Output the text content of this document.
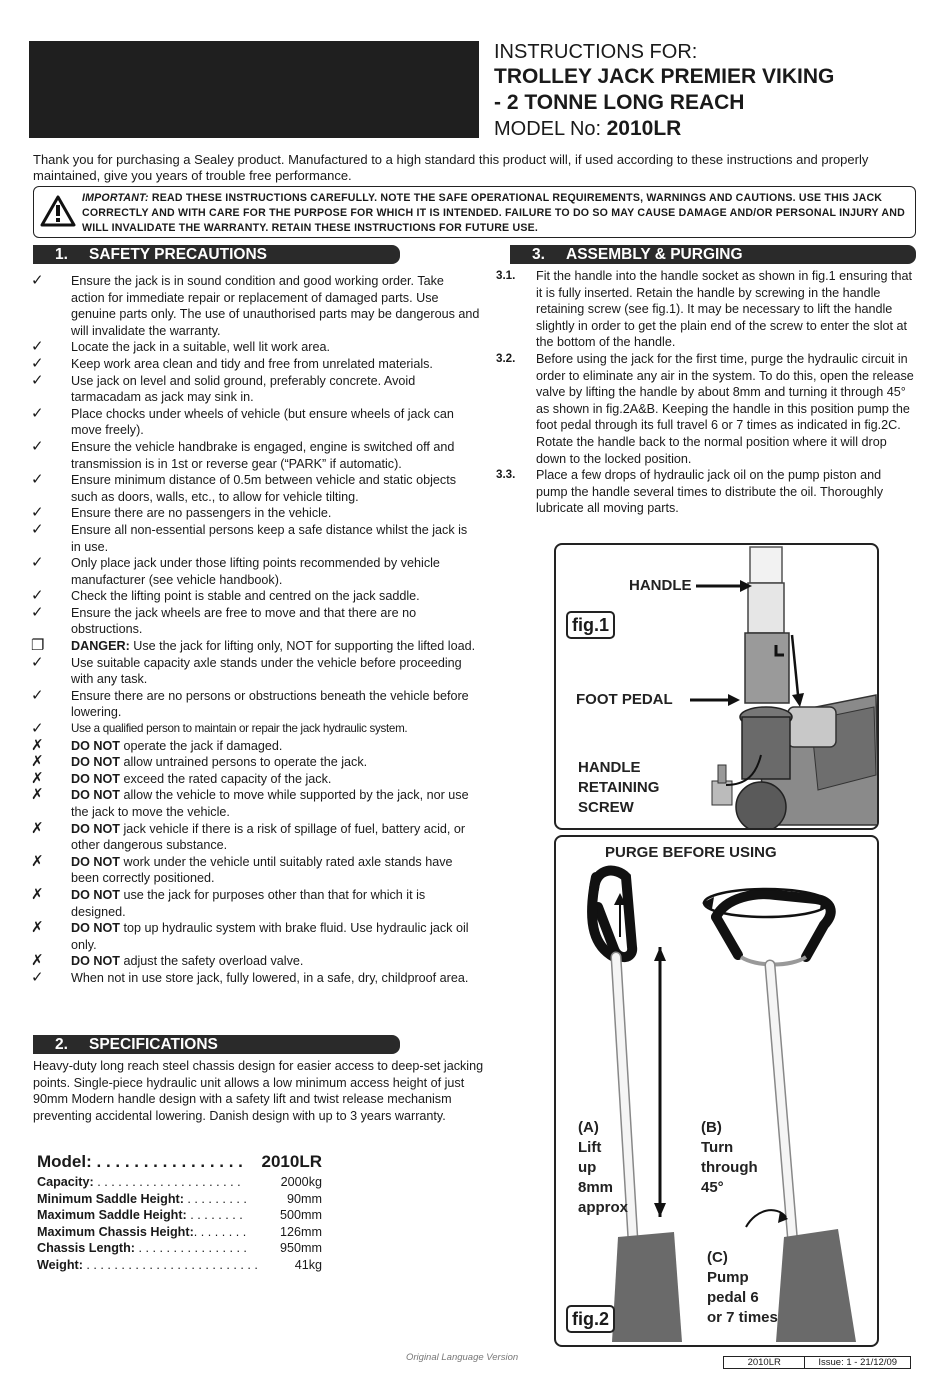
INSTRUCTIONS FOR:
TROLLEY JACK PREMIER VIKING
- 2 TONNE LONG REACH
MODEL No: 2010LR
Thank you for purchasing a Sealey product. Manufactured to a high standard this product will, if used according to these instructions and properly maintained, give you years of trouble free performance.
IMPORTANT: READ THESE INSTRUCTIONS CAREFULLY. NOTE THE SAFE OPERATIONAL REQUIREMENTS, WARNINGS AND CAUTIONS. USE THIS JACK CORRECTLY AND WITH CARE FOR THE PURPOSE FOR WHICH IT IS INTENDED. FAILURE TO DO SO MAY CAUSE DAMAGE AND/OR PERSONAL INJURY AND WILL INVALIDATE THE WARRANTY. RETAIN THESE INSTRUCTIONS FOR FUTURE USE.
1. SAFETY PRECAUTIONS
✓	Ensure the jack is in sound condition and good working order. Take action for immediate repair or replacement of damaged parts. Use genuine parts only. The use of unauthorised parts may be dangerous and will invalidate the warranty.
✓	Locate the jack in a suitable, well lit work area.
✓	Keep work area clean and tidy and free from unrelated materials.
✓	Use jack on level and solid ground, preferably concrete. Avoid tarmacadam as jack may sink in.
✓	Place chocks under wheels of vehicle (but ensure wheels of jack can move freely).
✓	Ensure the vehicle handbrake is engaged, engine is switched off and transmission is in 1st or reverse gear (“PARK” if automatic).
✓	Ensure minimum distance of 0.5m between vehicle and static objects such as doors, walls, etc., to allow for vehicle tilting.
✓	Ensure there are no passengers in the vehicle.
✓	Ensure all non-essential persons keep a safe distance whilst the jack is in use.
✓	Only place jack under those lifting points recommended by vehicle manufacturer (see vehicle handbook).
✓	Check the lifting point is stable and centred on the jack saddle.
✓	Ensure the jack wheels are free to move and that there are no obstructions.
❐	DANGER: Use the jack for lifting only, NOT for supporting the lifted load.
✓	Use suitable capacity axle stands under the vehicle before proceeding with any task.
✓	Ensure there are no persons or obstructions beneath the vehicle before lowering.
✓	Use a qualified person to maintain or repair the jack hydraulic system.
✗	DO NOT operate the jack if damaged.
✗	DO NOT allow untrained persons to operate the jack.
✗	DO NOT exceed the rated capacity of the jack.
✗	DO NOT allow the vehicle to move while supported by the jack, nor use the jack to move the vehicle.
✗	DO NOT jack vehicle if there is a risk of spillage of fuel, battery acid, or other dangerous substance.
✗	DO NOT work under the vehicle until suitably rated axle stands have been correctly positioned.
✗	DO NOT use the jack for purposes other than that for which it is designed.
✗	DO NOT top up hydraulic system with brake fluid. Use hydraulic jack oil only.
✗	DO NOT adjust the safety overload valve.
✓	When not in use store jack, fully lowered, in a safe, dry, childproof area.
2. SPECIFICATIONS
Heavy-duty long reach steel chassis design for easier access to deep-set jacking points. Single-piece hydraulic unit allows a low minimum access height of just 90mm Modern handle design with a safety lift and twist release mechanism preventing accidental lowering. Danish design with up to 3 years warranty.
Model: . . . . . . . . . . . . . . . . 2010LR
Capacity: . . . . . . . . . . . . . . . . . . . . .	2000kg
Minimum Saddle Height: . . . . . . . . .	90mm
Maximum Saddle Height: . . . . . . . .	500mm
Maximum Chassis Height:. . . . . . . .	126mm
Chassis Length: . . . . . . . . . . . . . . . .	950mm
Weight: . . . . . . . . . . . . . . . . . . . . . . . . .	41kg
3. ASSEMBLY & PURGING
3.1.	Fit the handle into the handle socket as shown in fig.1 ensuring that it is fully inserted. Retain the handle by screwing in the handle retaining screw (see fig.1). It may be necessary to lift the handle slightly in order to get the plain end of the screw to enter the slot at the bottom of the handle.
3.2.	Before using the jack for the first time, purge the hydraulic circuit in order to eliminate any air in the system. To do this, open the release valve by lifting the handle by about 8mm and turning it through 45° as shown in fig.2A&B. Keeping the handle in this position pump the foot pedal through its full travel 6 or 7 times as indicated in fig.2C.
Rotate the handle back to the normal position where it will drop down to the locked position.
3.3.	Place a few drops of hydraulic jack oil on the pump piston and pump the handle several times to distribute the oil. Thoroughly lubricate all moving parts.
HANDLE
FOOT PEDAL
HANDLE
RETAINING
SCREW
fig.1
PURGE BEFORE USING
(A)
Lift
up
8mm
approx
(B)
Turn
through
45°
(C)
Pump
pedal 6
or 7 times
fig.2
Original Language Version	2010LR	Issue: 1 - 21/12/09
